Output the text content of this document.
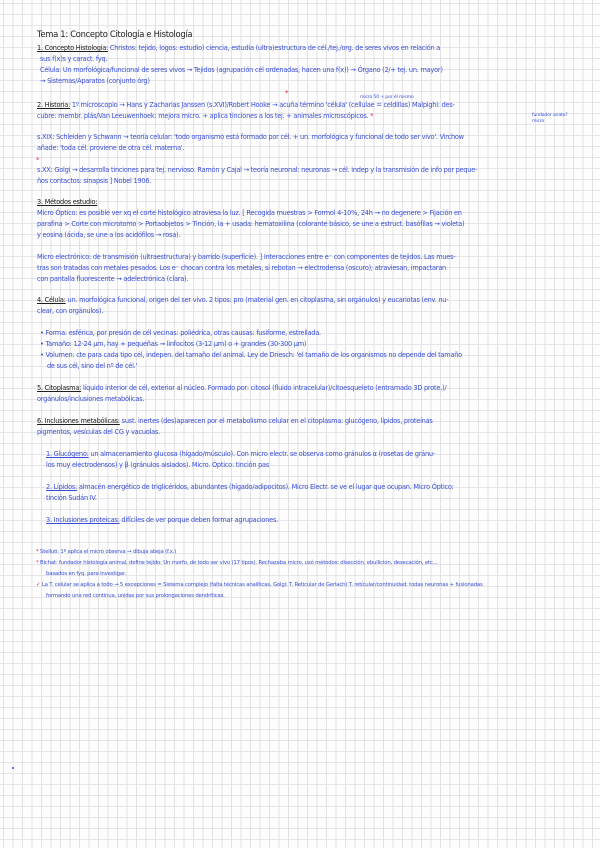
Tema 1: Concepto Citología e Histología
1. Concepto Histología: Christos: tejido, logos: estudio) ciencia, estudia (ultra)estructura de cél./tej./org. de seres vivos en relación a
sus f(x)s y caract. fyq.
Célula: Un morfológica/funcional de seres vivos → Tejidos (agrupación cél ordenadas, hacen una f(x)) → Órgano (2/+ tej. un. mayor)
→ Sistemas/Aparatos (conjunto órg)
*
micro 50 + por él mismo
2. Historia: 1º microscopio → Hans y Zacharias Janssen (s.XVI)/Robert Hooke → acuña término 'célula' (cellulae = celdillas) Malpighi: des-
cubre: membr. plás/Van Leeuwenhoek: mejora micro. + aplica tinciones a los tej. + animales microscópicos. *	fundador anato?
micro
s.XIX: Schleiden y Schwann → teoría celular: 'todo organismo está formado por cél. + un. morfológica y funcional de todo ser vivo'. Virchow
añade: 'toda cél. proviene de otra cél. materna'.
*
s.XX: Golgi → desarrolla tinciones para tej. nervioso. Ramón y Cajal → teoría neuronal: neuronas → cél. indep y la transmisión de info por peque-
ños contactos: sinapsis ] Nobel 1906.
3. Métodos estudio:
Micro Óptico: es posible ver xq el corte histológico atraviesa la luz. [ Recogida muestras > Formol 4-10%, 24h → no degenere > Fijación en
parafina > Corte con microtomo > Portaobjetos > Tinción, la + usada: hematoxilina (colorante básico, se une a estruct. basófilas → violeta)
y eosina (ácida, se une a los acidófilos → rosa).
Micro electrónico: de transmisión (ultraestructura) y barrido (superficie). ] Interacciones entre e⁻ con componentes de tejidos. Las mues-
tras son tratadas con metales pesados. Los e⁻ chocan contra los metales, si rebotan → electrodensa (oscuro); atraviesan, impactaran
con pantalla fluorescente → adelectrónica (clara).
4. Célula: un. morfológica funcional, origen del ser vivo. 2 tipos: pro (material gen. en citoplasma, sin orgánulos) y eucariotas (env. nu-
clear, con orgánulos).
• Forma: esférica, por presión de cél vecinas: poliédrica, otras causas: fusiforme, estrellada.
• Tamaño: 12-24 μm, hay + pequeñas → linfocitos (3-12 μm) o + grandes (30-300 μm)
• Volumen: cte para cada tipo cél, indepen. del tamaño del animal. Ley de Driesch: 'el tamaño de los organismos no depende del tamaño
de sus cél, sino del nº de cél.'
5. Citoplasma: líquido interior de cél, exterior al núcleo. Formado por: citosol (fluido intracelular)/citoesqueleto (entramado 3D prote.)/
orgánulos/inclusiones metabólicas.
6. Inclusiones metabólicas: sust. inertes (des)aparecen por el metabolismo celular en el citoplasma: glucógeno, lípidos, proteínas
pigmentos, vesículas del CG y vacuolas.
1. Glucógeno: un almacenamiento glucosa (hígado/músculo). Con micro electr. se observa como gránulos α (rosetas de gránu-
los muy electrodensos) y β (gránulos aislados). Micro. Óptico: tinción pas
2. Lípidos: almacén energético de triglicéridos, abundantes (hígado/adipocitos). Micro Electr. se ve el lugar que ocupan. Micro Óptico:
tinción Sudán IV.
3. Inclusiones proteicas: difíciles de ver porque deben formar agrupaciones.
* Stelluti: 1º aplica el micro observa → dibuja abeja (f.x.)
* Bichat: fundador histología animal, define tejido: Un morfo. de todo ser vivo (17 tipos). Rechazaba micro, usó métodos: disección, ebullición, desecación, etc...
basados en fyq. para investigar.
✓ La T. celular se aplica a todo → 5 excepciones = Sistema complejo (falta técnicas analíticas, Golgi: T. Reticular de Gerlach) T. retícular/continuidad: todas neuronas + fusionadas
formando una red continua, unidas por sus prolongaciones dendríticas.
